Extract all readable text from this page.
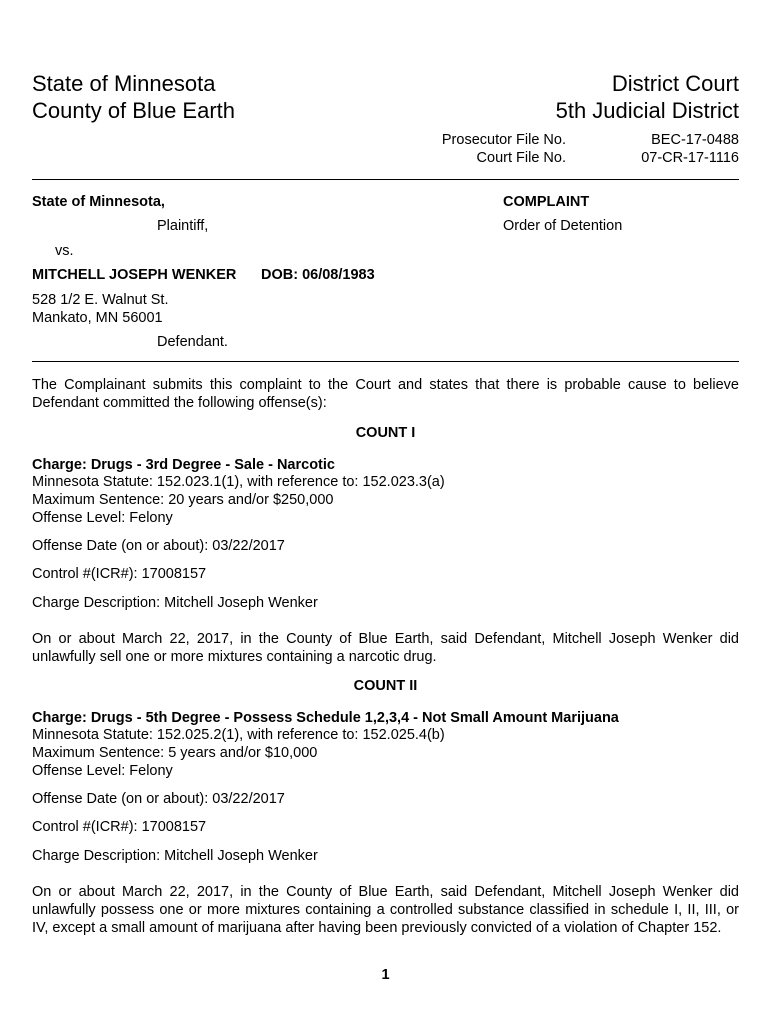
State of Minnesota
County of Blue Earth
District Court
5th Judicial District
Prosecutor File No.	BEC-17-0488
Court File No.	07-CR-17-1116
State of Minnesota,
Plaintiff,
vs.
MITCHELL JOSEPH WENKER DOB: 06/08/1983
528 1/2 E. Walnut St.
Mankato, MN 56001
Defendant.
COMPLAINT
Order of Detention
The Complainant submits this complaint to the Court and states that there is probable cause to believe Defendant committed the following offense(s):
COUNT I
Charge: Drugs - 3rd Degree - Sale - Narcotic
Minnesota Statute: 152.023.1(1), with reference to: 152.023.3(a)
Maximum Sentence: 20 years and/or $250,000
Offense Level: Felony
Offense Date (on or about): 03/22/2017
Control #(ICR#): 17008157
Charge Description: Mitchell Joseph Wenker
On or about March 22, 2017, in the County of Blue Earth, said Defendant, Mitchell Joseph Wenker did unlawfully sell one or more mixtures containing a narcotic drug.
COUNT II
Charge: Drugs - 5th Degree - Possess Schedule 1,2,3,4 - Not Small Amount Marijuana
Minnesota Statute: 152.025.2(1), with reference to: 152.025.4(b)
Maximum Sentence: 5 years and/or $10,000
Offense Level: Felony
Offense Date (on or about): 03/22/2017
Control #(ICR#): 17008157
Charge Description: Mitchell Joseph Wenker
On or about March 22, 2017, in the County of Blue Earth, said Defendant, Mitchell Joseph Wenker did unlawfully possess one or more mixtures containing a controlled substance classified in schedule I, II, III, or IV, except a small amount of marijuana after having been previously convicted of a violation of Chapter 152.
1
